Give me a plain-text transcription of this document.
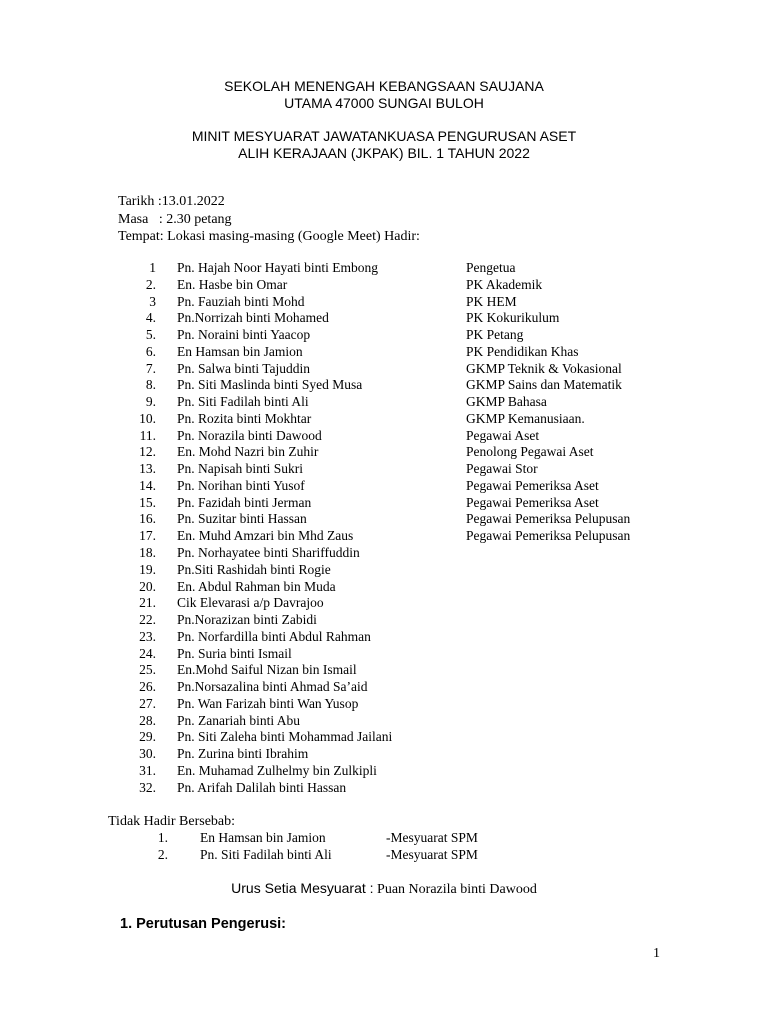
SEKOLAH MENENGAH KEBANGSAAN SAUJANA
UTAMA 47000 SUNGAI BULOH
MINIT MESYUARAT JAWATANKUASA PENGURUSAN ASET
ALIH KERAJAAN (JKPAK) BIL. 1 TAHUN 2022
Tarikh :13.01.2022
Masa   : 2.30 petang
Tempat: Lokasi masing-masing (Google Meet) Hadir:
1 Pn. Hajah Noor Hayati binti Embong	Pengetua
2. En. Hasbe bin Omar	PK Akademik
3 Pn. Fauziah binti Mohd	PK HEM
4. Pn.Norrizah binti Mohamed	PK Kokurikulum
5. Pn. Noraini binti Yaacop	PK Petang
6. En Hamsan bin Jamion	PK Pendidikan Khas
7. Pn. Salwa binti Tajuddin	GKMP Teknik & Vokasional
8. Pn. Siti Maslinda binti Syed Musa	GKMP Sains dan Matematik
9. Pn. Siti Fadilah binti Ali	GKMP Bahasa
10. Pn. Rozita binti Mokhtar	GKMP Kemanusiaan.
11. Pn. Norazila binti Dawood	Pegawai Aset
12. En. Mohd Nazri bin Zuhir	Penolong Pegawai Aset
13. Pn. Napisah binti Sukri	Pegawai Stor
14. Pn. Norihan binti Yusof	Pegawai Pemeriksa Aset
15. Pn. Fazidah binti Jerman	Pegawai Pemeriksa Aset
16. Pn. Suzitar binti Hassan	Pegawai Pemeriksa Pelupusan
17. En. Muhd Amzari bin Mhd Zaus	Pegawai Pemeriksa Pelupusan
18. Pn. Norhayatee binti Shariffuddin
19. Pn.Siti Rashidah binti Rogie
20. En. Abdul Rahman bin Muda
21. Cik Elevarasi a/p Davrajoo
22. Pn.Norazizan binti Zabidi
23. Pn. Norfardilla binti Abdul Rahman
24. Pn. Suria binti Ismail
25. En.Mohd Saiful Nizan bin Ismail
26. Pn.Norsazalina binti Ahmad Sa’aid
27. Pn. Wan Farizah binti Wan Yusop
28. Pn. Zanariah binti Abu
29. Pn. Siti Zaleha binti Mohammad Jailani
30. Pn. Zurina binti Ibrahim
31. En. Muhamad Zulhelmy bin Zulkipli
32. Pn. Arifah Dalilah binti Hassan
Tidak Hadir Bersebab:
1. En Hamsan bin Jamion	-Mesyuarat SPM
2. Pn. Siti Fadilah binti Ali	-Mesyuarat SPM
Urus Setia Mesyuarat : Puan Norazila binti Dawood
1. Perutusan Pengerusi:
1
